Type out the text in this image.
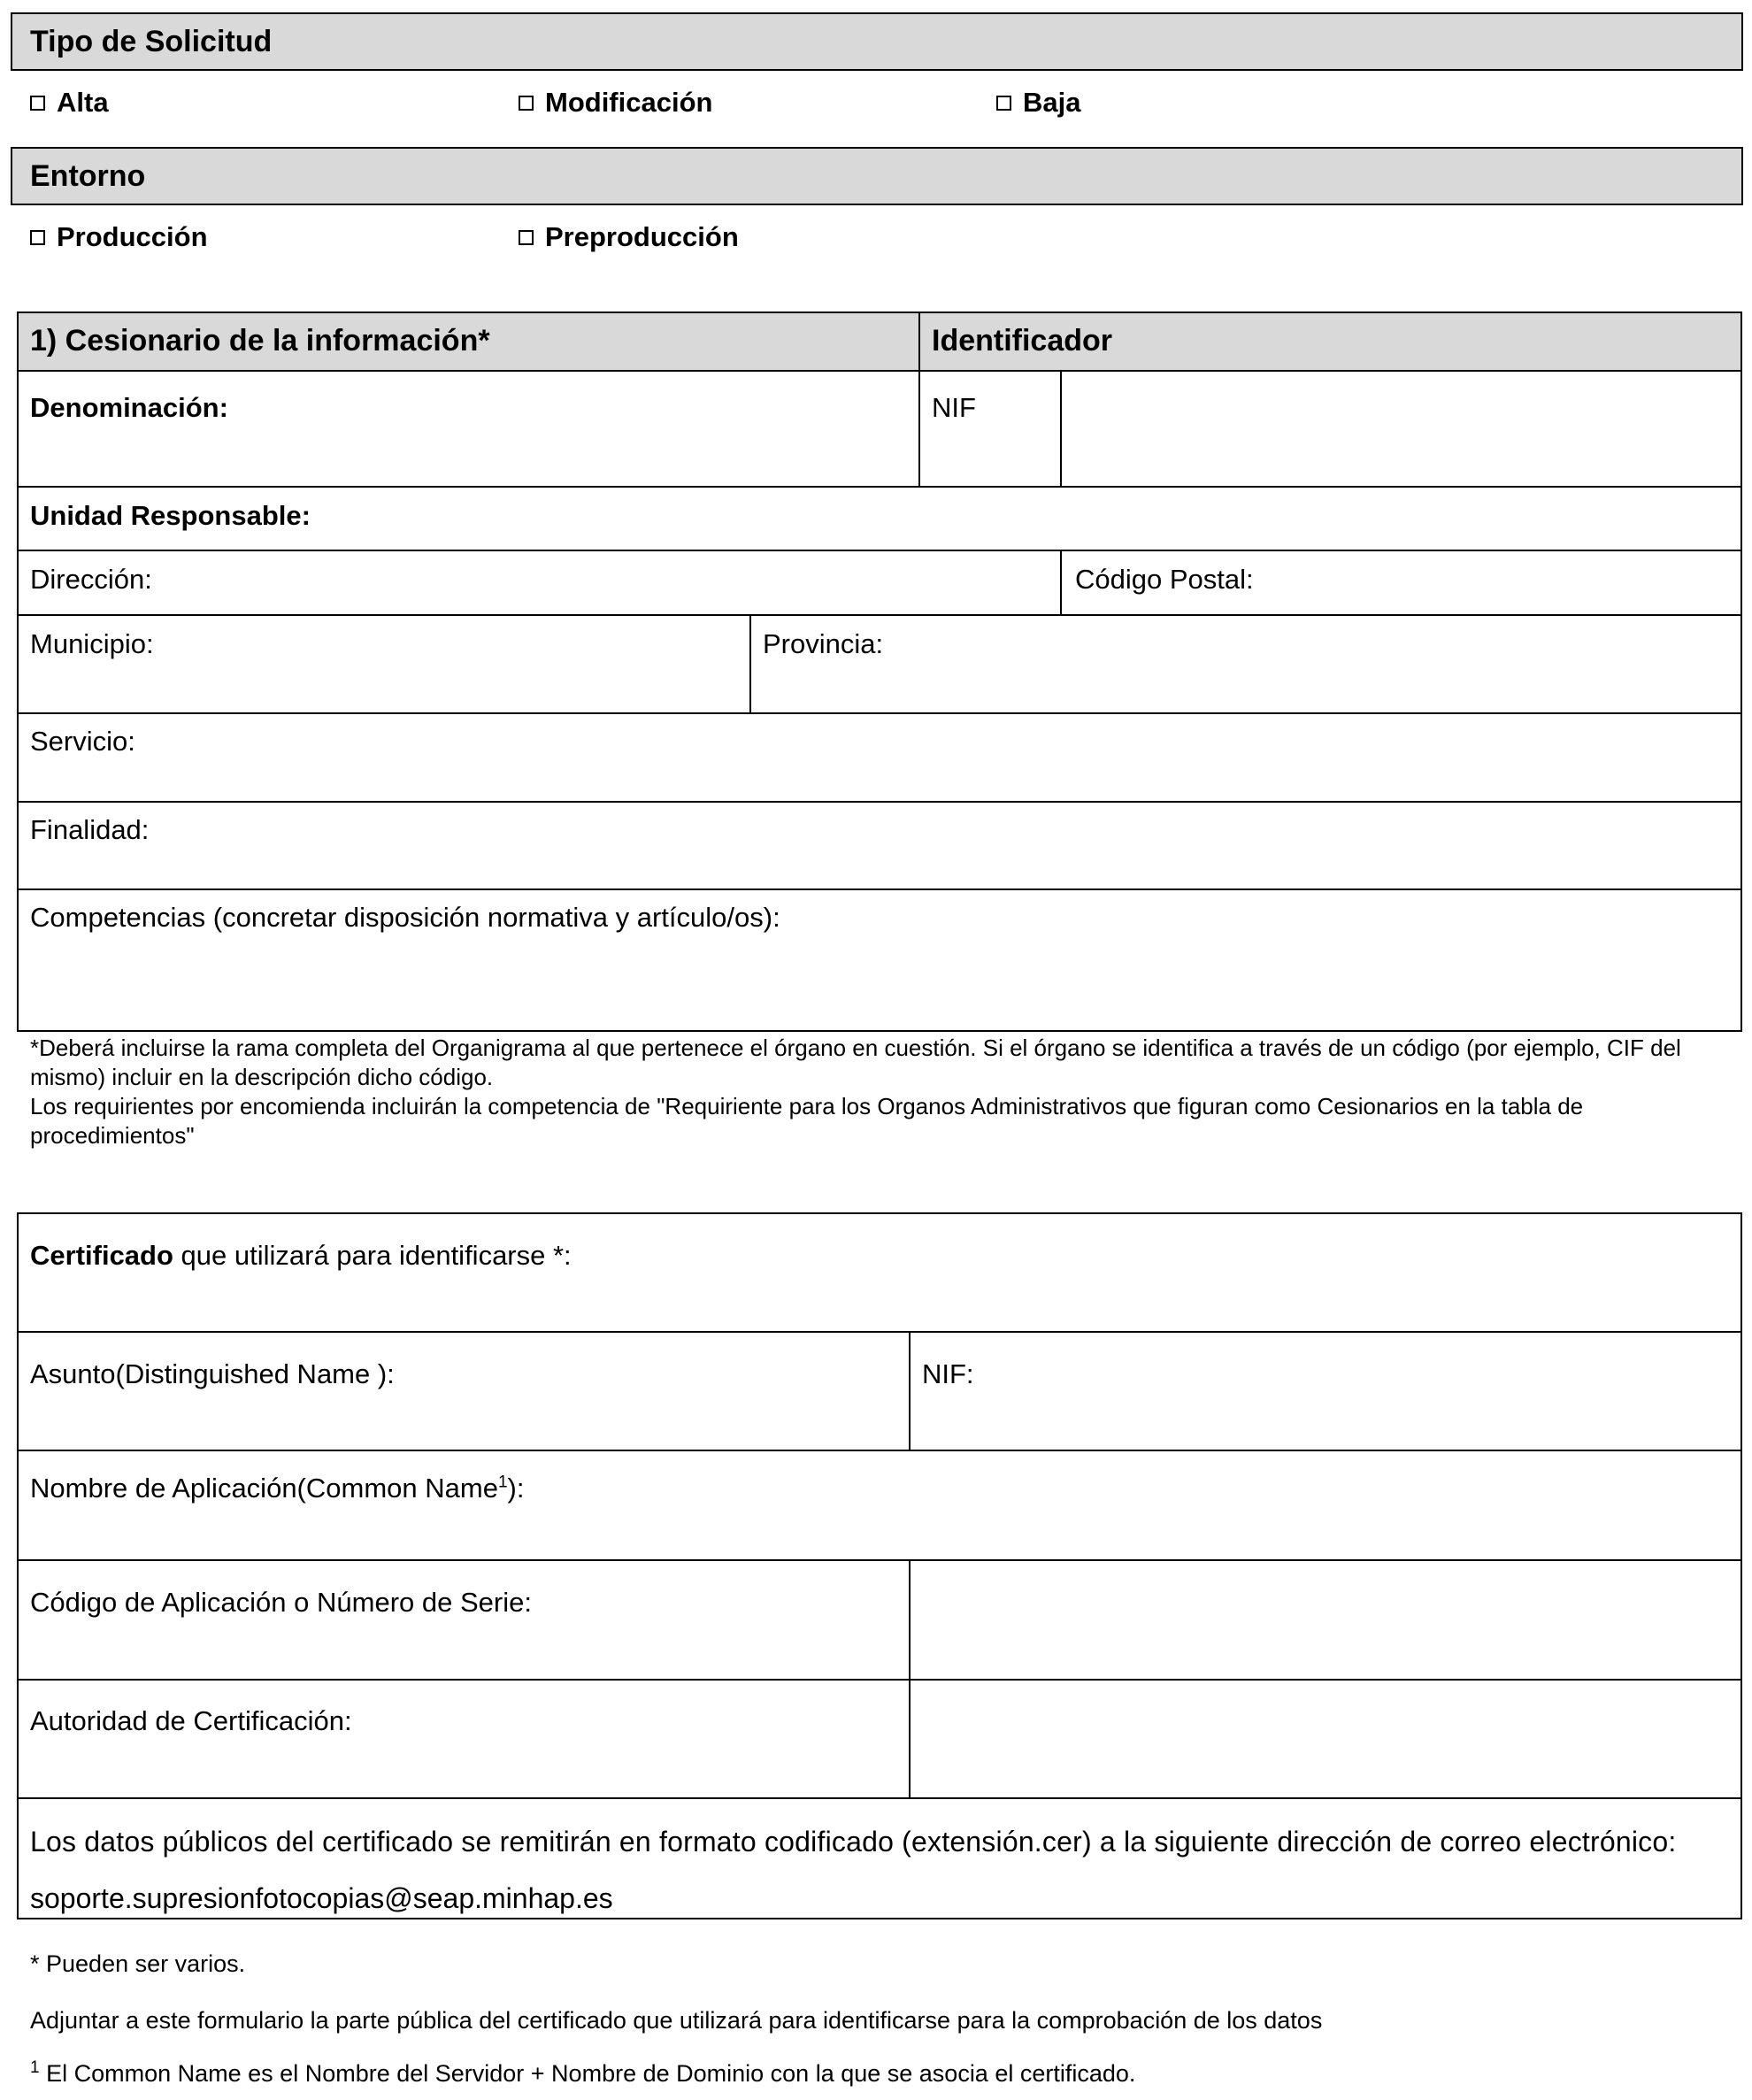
Tipo de Solicitud
Alta	Modificación	Baja
Entorno
Producción	Preproducción
1) Cesionario de la información*	Identificador
Denominación:	NIF
Unidad Responsable:
Dirección:	Código Postal:
Municipio:	Provincia:
Servicio:
Finalidad:
Competencias (concretar disposición normativa y artículo/os):

*Deberá incluirse la rama completa del Organigrama al que pertenece el órgano en cuestión. Si el órgano se identifica a través de un código (por ejemplo, CIF del mismo) incluir en la descripción dicho código.

Los requirientes por encomienda incluirán la competencia de "Requiriente para los Organos Administrativos que figuran como Cesionarios en la tabla de procedimientos"

Certificado que utilizará para identificarse *:
Asunto(Distinguished Name ):	NIF:
Nombre de Aplicación(Common Name$^1$):
Código de Aplicación o Número de Serie:
Autoridad de Certificación:
Los datos públicos del certificado se remitirán en formato codificado (extensión.cer) a la siguiente dirección de correo electrónico:
soporte.supresionfotocopias@seap.minhap.es
* Pueden ser varios.
Adjuntar a este formulario la parte pública del certificado que utilizará para identificarse para la comprobación de los datos
$^1$ El Common Name es el Nombre del Servidor + Nombre de Dominio con la que se asocia el certificado.
